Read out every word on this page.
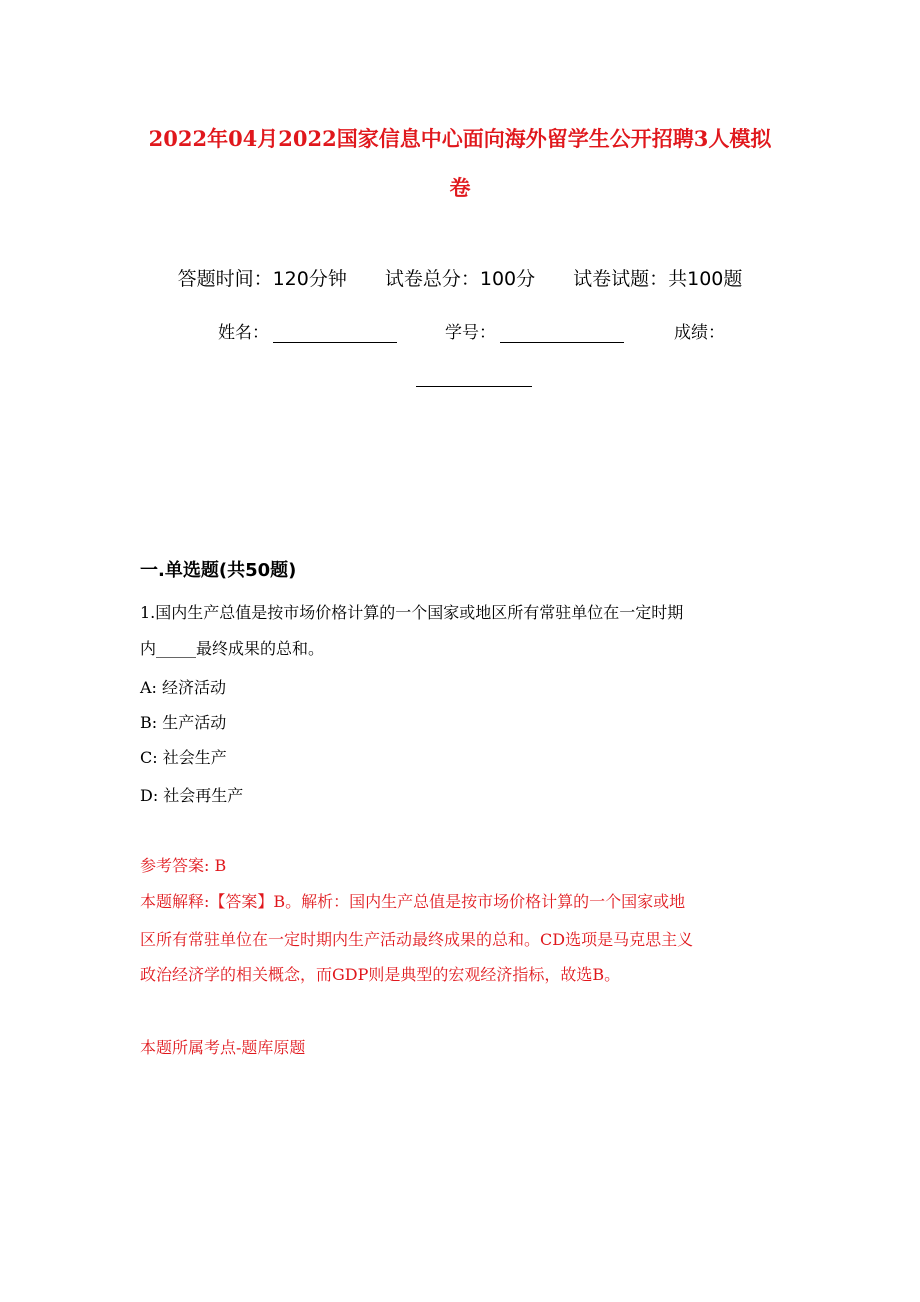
2022年04月2022国家信息中心面向海外留学生公开招聘3人模拟
卷
答题时间：120分钟 试卷总分：100分 试卷试题：共100题
姓名：	学号：	成绩：
一.单选题(共50题)
1.国内生产总值是按市场价格计算的一个国家或地区所有常驻单位在一定时期
内_____最终成果的总和。
A: 经济活动
B: 生产活动
C: 社会生产
D: 社会再生产
参考答案: B
本题解释:【答案】B。解析：国内生产总值是按市场价格计算的一个国家或地
区所有常驻单位在一定时期内生产活动最终成果的总和。CD选项是马克思主义
政治经济学的相关概念，而GDP则是典型的宏观经济指标，故选B。
本题所属考点-题库原题
